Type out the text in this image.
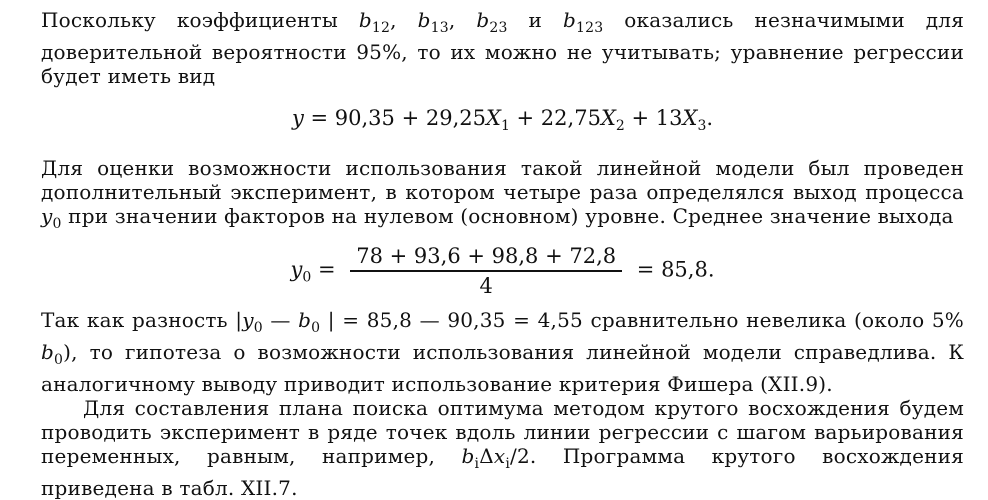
Поскольку коэффициенты $b_{12}$, $b_{13}$, $b_{23}$ и $b_{123}$ оказались незначимыми для доверительной вероятности 95%, то их можно не учитывать; уравнение регрессии будет иметь вид

$y = 90,35 + 29,25X_1 + 22,75X_2 + 13X_3$.

Для оценки возможности использования такой линейной модели был проведен дополнительный эксперимент, в котором четыре раза определялся выход процесса $y_0$ при значении факторов на нулевом (основном) уровне. Среднее значение выхода

$y_0 = \frac{78 + 93,6 + 98,8 + 72,8}{4} = 85,8$.

Так как разность $|y_0$ — $b_0$ | = 85,8 — 90,35 = 4,55 сравнительно невелика (около 5% $b_0$), то гипотеза о возможности использования линейной модели справедлива. К аналогичному выводу приводит использование критерия Фишера (XII.9).

Для составления плана поиска оптимума методом крутого восхождения будем проводить эксперимент в ряде точек вдоль линии регрессии с шагом варьирования переменных, равным, например, $b_i\Delta x_i/2$. Программа крутого восхождения приведена в табл. XII.7.
